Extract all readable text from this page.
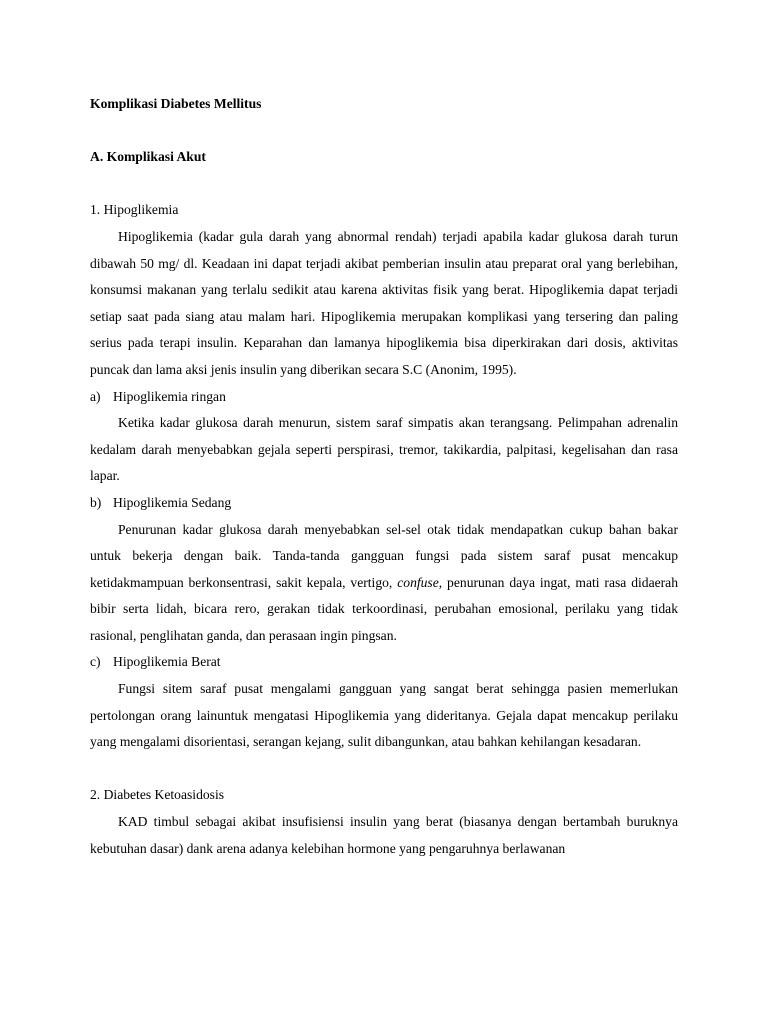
Komplikasi Diabetes Mellitus

A. Komplikasi Akut

1. Hipoglikemia

Hipoglikemia (kadar gula darah yang abnormal rendah) terjadi apabila kadar glukosa darah turun dibawah 50 mg/ dl. Keadaan ini dapat terjadi akibat pemberian insulin atau preparat oral yang berlebihan, konsumsi makanan yang terlalu sedikit atau karena aktivitas fisik yang berat. Hipoglikemia dapat terjadi setiap saat pada siang atau malam hari. Hipoglikemia merupakan komplikasi yang tersering dan paling serius pada terapi insulin. Keparahan dan lamanya hipoglikemia bisa diperkirakan dari dosis, aktivitas puncak dan lama aksi jenis insulin yang diberikan secara S.C (Anonim, 1995).

a) Hipoglikemia ringan

Ketika kadar glukosa darah menurun, sistem saraf simpatis akan terangsang. Pelimpahan adrenalin kedalam darah menyebabkan gejala seperti perspirasi, tremor, takikardia, palpitasi, kegelisahan dan rasa lapar.

b) Hipoglikemia Sedang

Penurunan kadar glukosa darah menyebabkan sel-sel otak tidak mendapatkan cukup bahan bakar untuk bekerja dengan baik. Tanda-tanda gangguan fungsi pada sistem saraf pusat mencakup ketidakmampuan berkonsentrasi, sakit kepala, vertigo, confuse, penurunan daya ingat, mati rasa didaerah bibir serta lidah, bicara rero, gerakan tidak terkoordinasi, perubahan emosional, perilaku yang tidak rasional, penglihatan ganda, dan perasaan ingin pingsan.

c) Hipoglikemia Berat

Fungsi sitem saraf pusat mengalami gangguan yang sangat berat sehingga pasien memerlukan pertolongan orang lainuntuk mengatasi Hipoglikemia yang dideritanya. Gejala dapat mencakup perilaku yang mengalami disorientasi, serangan kejang, sulit dibangunkan, atau bahkan kehilangan kesadaran.

2. Diabetes Ketoasidosis

KAD timbul sebagai akibat insufisiensi insulin yang berat (biasanya dengan bertambah buruknya kebutuhan dasar) dank arena adanya kelebihan hormone yang pengaruhnya berlawanan
